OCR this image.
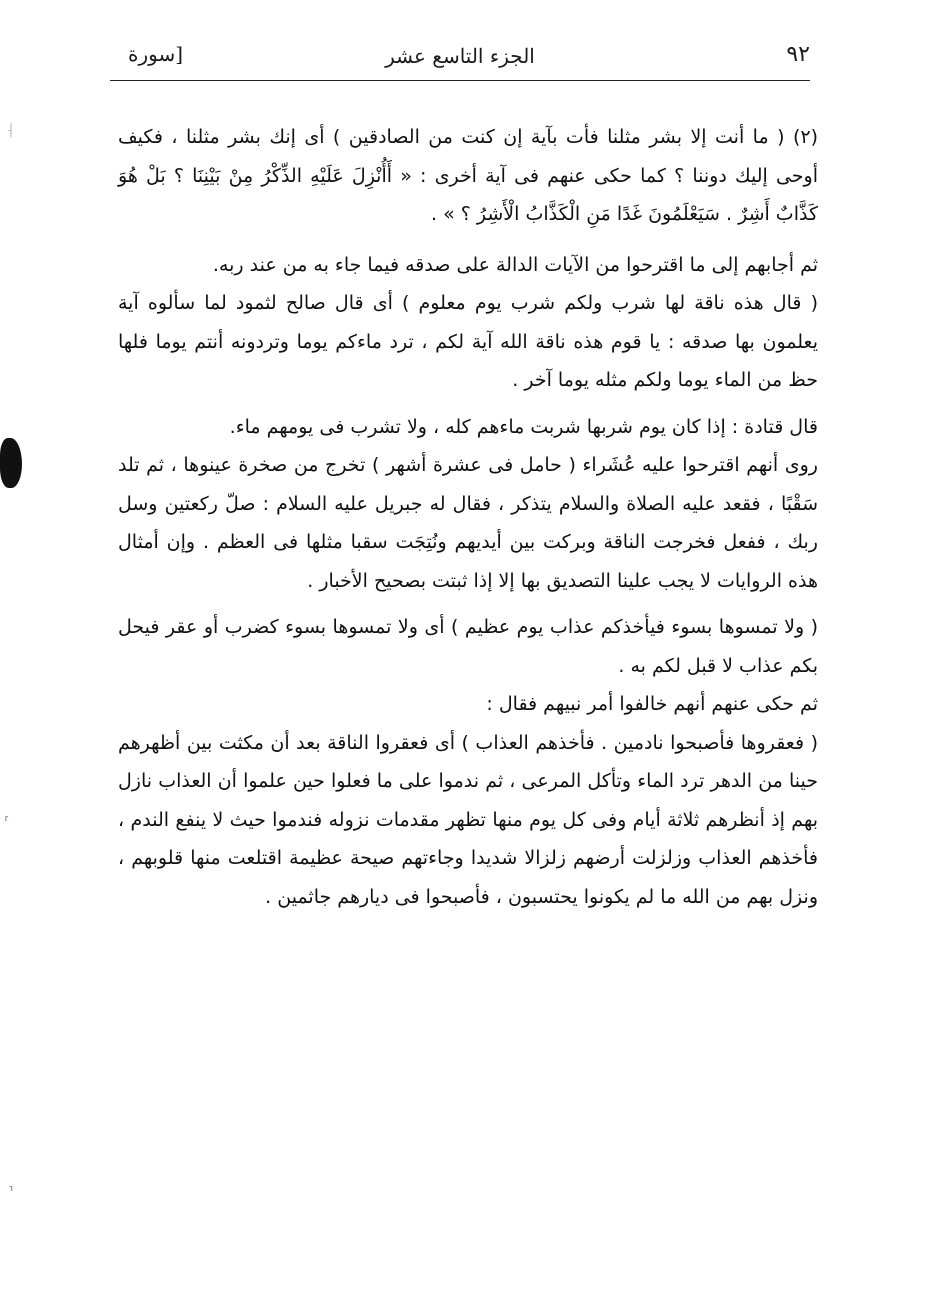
٩٢
الجزء التاسع عشر
[سورة

(٢) ( ما أنت إلا بشر مثلنا فأت بآية إن كنت من الصادقين ) أى إنك بشر مثلنا ، فكيف أوحى إليك دوننا ؟ كما حكى عنهم فى آية أخرى : « أَأُنْزِلَ عَلَيْهِ الذِّكْرُ مِنْ بَيْنِنَا ؟ بَلْ هُوَ كَذَّابٌ أَشِرٌ . سَيَعْلَمُونَ غَدًا مَنِ الْكَذَّابُ الْأَشِرُ ؟ » .

ثم أجابهم إلى ما اقترحوا من الآيات الدالة على صدقه فيما جاء به من عند ربه.

( قال هذه ناقة لها شرب ولكم شرب يوم معلوم ) أى قال صالح لثمود لما سألوه آية يعلمون بها صدقه : يا قوم هذه ناقة الله آية لكم ، ترد ماءكم يوما وتردونه أنتم يوما فلها حظ من الماء يوما ولكم مثله يوما آخر .

قال قتادة : إذا كان يوم شربها شربت ماءهم كله ، ولا تشرب فى يومهم ماء.

روى أنهم اقترحوا عليه عُشَراء ( حامل فى عشرة أشهر ) تخرج من صخرة عينوها ، ثم تلد سَقْبًا ، فقعد عليه الصلاة والسلام يتذكر ، فقال له جبريل عليه السلام : صلّ ركعتين وسل ربك ، ففعل فخرجت الناقة وبركت بين أيديهم ونُتِجَت سقبا مثلها فى العظم . وإن أمثال هذه الروايات لا يجب علينا التصديق بها إلا إذا ثبتت بصحيح الأخبار .

( ولا تمسوها بسوء فيأخذكم عذاب يوم عظيم ) أى ولا تمسوها بسوء كضرب أو عقر فيحل بكم عذاب لا قبل لكم به .

ثم حكى عنهم أنهم خالفوا أمر نبيهم فقال :

( فعقروها فأصبحوا نادمين . فأخذهم العذاب ) أى فعقروا الناقة بعد أن مكثت بين أظهرهم حينا من الدهر ترد الماء وتأكل المرعى ، ثم ندموا على ما فعلوا حين علموا أن العذاب نازل بهم إذ أنظرهم ثلاثة أيام وفى كل يوم منها تظهر مقدمات نزوله فندموا حيث لا ينفع الندم ، فأخذهم العذاب وزلزلت أرضهم زلزالا شديدا وجاءتهم صيحة عظيمة اقتلعت منها قلوبهم ، ونزل بهم من الله ما لم يكونوا يحتسبون ، فأصبحوا فى ديارهم جاثمين .

⸡
⸢
⸣
